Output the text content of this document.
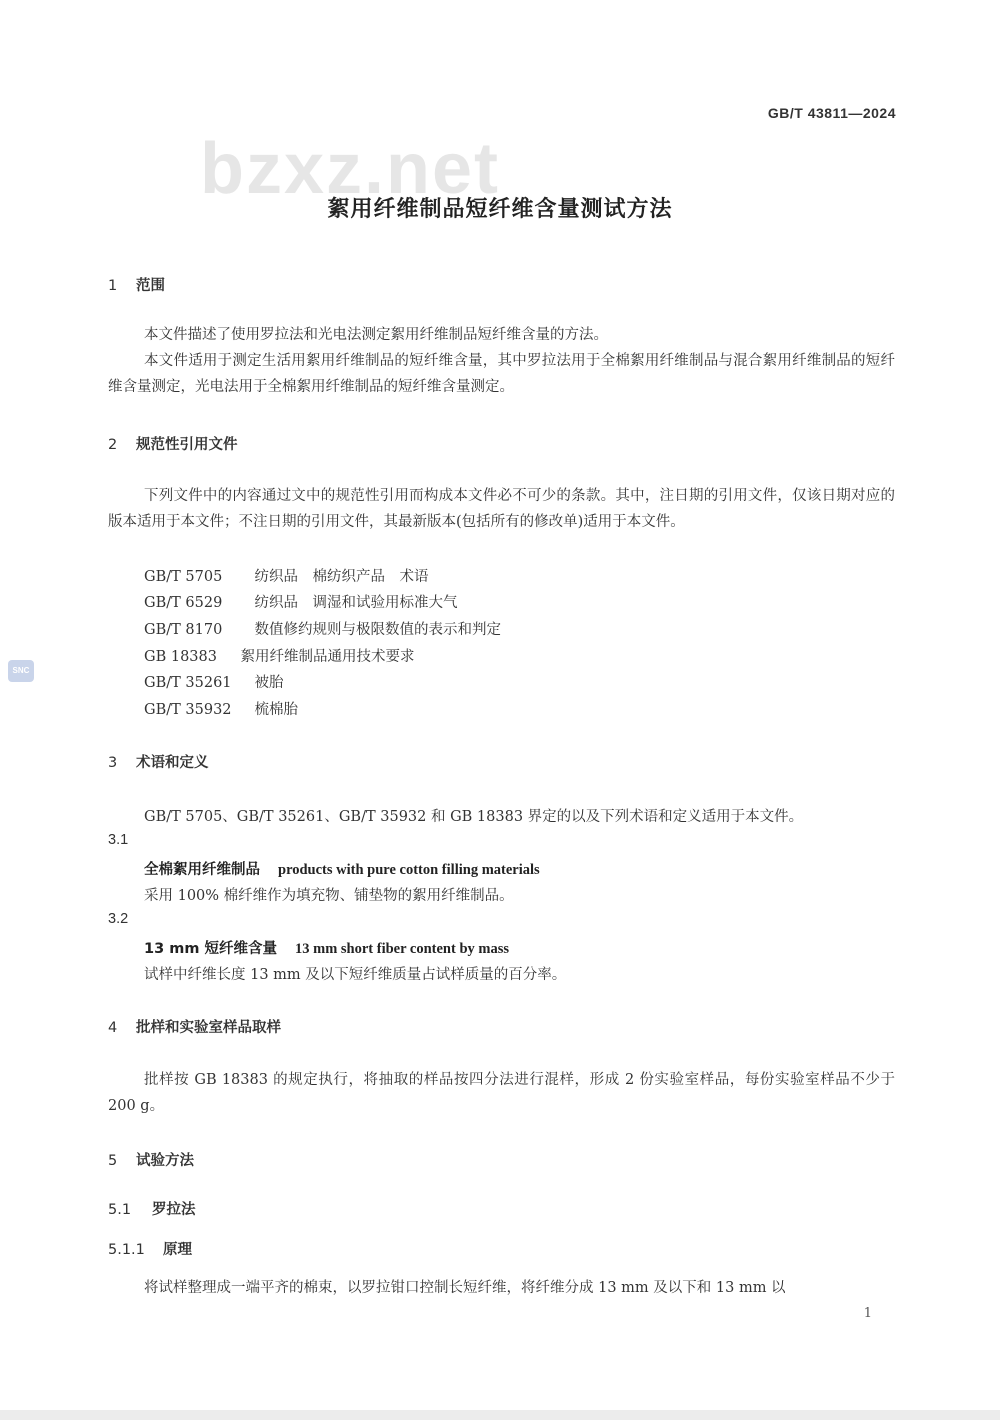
GB/T 43811—2024
bzxz.net
SNC
絮用纤维制品短纤维含量测试方法
1 范围
本文件描述了使用罗拉法和光电法测定絮用纤维制品短纤维含量的方法。
本文件适用于测定生活用絮用纤维制品的短纤维含量，其中罗拉法用于全棉絮用纤维制品与混合絮用纤维制品的短纤维含量测定，光电法用于全棉絮用纤维制品的短纤维含量测定。
2 规范性引用文件
下列文件中的内容通过文中的规范性引用而构成本文件必不可少的条款。其中，注日期的引用文件，仅该日期对应的版本适用于本文件；不注日期的引用文件，其最新版本(包括所有的修改单)适用于本文件。
GB/T 5705　 纺织品　棉纺织产品　术语
GB/T 6529　 纺织品　调湿和试验用标准大气
GB/T 8170　 数值修约规则与极限数值的表示和判定
GB 18383　 絮用纤维制品通用技术要求
GB/T 35261　 被胎
GB/T 35932　 梳棉胎
3 术语和定义
GB/T 5705、GB/T 35261、GB/T 35932 和 GB 18383 界定的以及下列术语和定义适用于本文件。
3.1
全棉絮用纤维制品 products with pure cotton filling materials
采用 100% 棉纤维作为填充物、铺垫物的絮用纤维制品。
3.2
13 mm 短纤维含量 13 mm short fiber content by mass
试样中纤维长度 13 mm 及以下短纤维质量占试样质量的百分率。
4 批样和实验室样品取样
批样按 GB 18383 的规定执行，将抽取的样品按四分法进行混样，形成 2 份实验室样品，每份实验室样品不少于 200 g。
5 试验方法
5.1 罗拉法
5.1.1 原理
将试样整理成一端平齐的棉束，以罗拉钳口控制长短纤维，将纤维分成 13 mm 及以下和 13 mm 以
1
